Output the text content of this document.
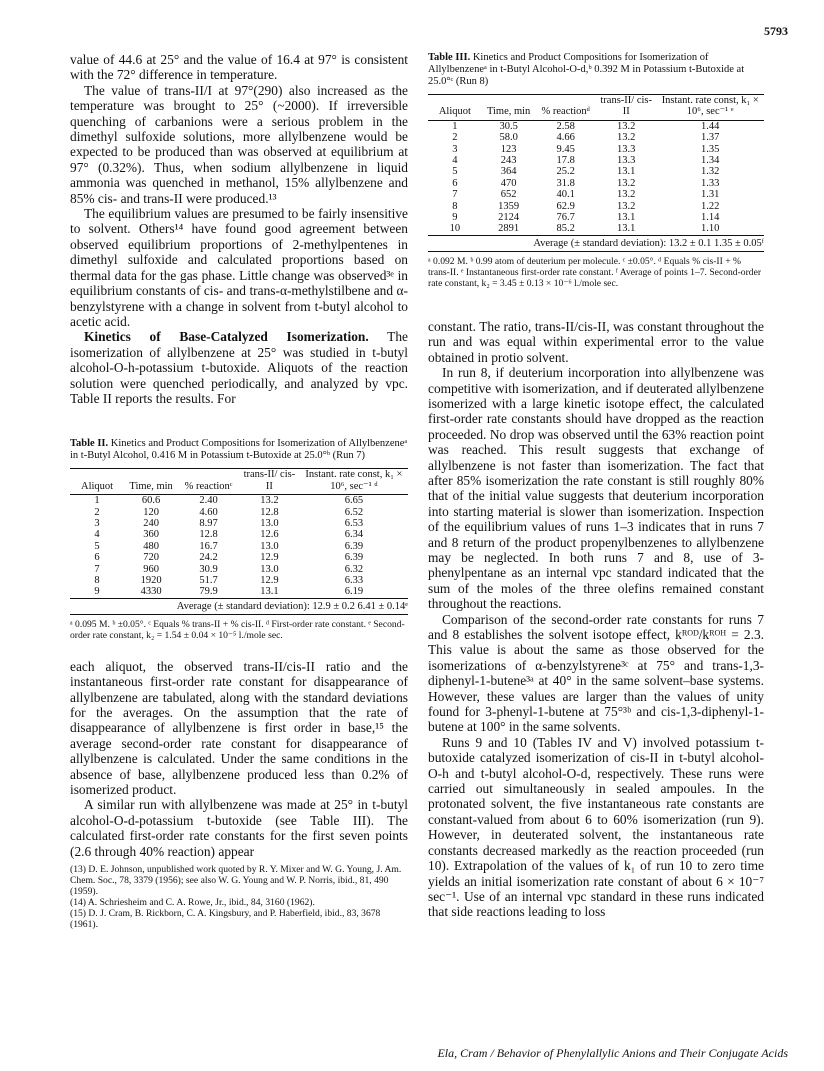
5793

value of 44.6 at 25° and the value of 16.4 at 97° is consistent with the 72° difference in temperature.

The value of trans-II/I at 97°(290) also increased as the temperature was brought to 25° (~2000). If irreversible quenching of carbanions were a serious problem in the dimethyl sulfoxide solutions, more allylbenzene would be expected to be produced than was observed at equilibrium at 97° (0.32%). Thus, when sodium allylbenzene in liquid ammonia was quenched in methanol, 15% allylbenzene and 85% cis- and trans-II were produced.¹³

The equilibrium values are presumed to be fairly insensitive to solvent. Others¹⁴ have found good agreement between observed equilibrium proportions of 2-methylpentenes in dimethyl sulfoxide and calculated proportions based on thermal data for the gas phase. Little change was observed³ᵉ in equilibrium constants of cis- and trans-α-methylstilbene and α-benzylstyrene with a change in solvent from t-butyl alcohol to acetic acid.

Kinetics of Base-Catalyzed Isomerization. The isomerization of allylbenzene at 25° was studied in t-butyl alcohol-O-h-potassium t-butoxide. Aliquots of the reaction solution were quenched periodically, and analyzed by vpc. Table II reports the results. For

Table II. Kinetics and Product Compositions for Isomerization of Allylbenzeneᵃ in t-Butyl Alcohol, 0.416 M in Potassium t-Butoxide at 25.0°ᵇ (Run 7)

Aliquot	Time, min	% reactionᶜ	trans-II/ cis-II	Instant. rate const, k₁ × 10⁶, sec⁻¹ ᵈ
1	60.6	2.40	13.2	6.65
2	120	4.60	12.8	6.52
3	240	8.97	13.0	6.53
4	360	12.8	12.6	6.34
5	480	16.7	13.0	6.39
6	720	24.2	12.9	6.39
7	960	30.9	13.0	6.32
8	1920	51.7	12.9	6.33
9	4330	79.9	13.1	6.19
Average (± standard deviation): 12.9 ± 0.2 6.41 ± 0.14ᵉ
ᵃ 0.095 M. ᵇ ±0.05°. ᶜ Equals % trans-II + % cis-II. ᵈ First-order rate constant. ᵉ Second-order rate constant, k₂ = 1.54 ± 0.04 × 10⁻⁵ l./mole sec.

each aliquot, the observed trans-II/cis-II ratio and the instantaneous first-order rate constant for disappearance of allylbenzene are tabulated, along with the standard deviations for the averages. On the assumption that the rate of disappearance of allylbenzene is first order in base,¹⁵ the average second-order rate constant for disappearance of allylbenzene is calculated. Under the same conditions in the absence of base, allylbenzene produced less than 0.2% of isomerized product.

A similar run with allylbenzene was made at 25° in t-butyl alcohol-O-d-potassium t-butoxide (see Table III). The calculated first-order rate constants for the first seven points (2.6 through 40% reaction) appear

(13) D. E. Johnson, unpublished work quoted by R. Y. Mixer and W. G. Young, J. Am. Chem. Soc., 78, 3379 (1956); see also W. G. Young and W. P. Norris, ibid., 81, 490 (1959).
(14) A. Schriesheim and C. A. Rowe, Jr., ibid., 84, 3160 (1962).
(15) D. J. Cram, B. Rickborn, C. A. Kingsbury, and P. Haberfield, ibid., 83, 3678 (1961).

Table III. Kinetics and Product Compositions for Isomerization of Allylbenzeneᵃ in t-Butyl Alcohol-O-d,ᵇ 0.392 M in Potassium t-Butoxide at 25.0°ᶜ (Run 8)

Aliquot	Time, min	% reactionᵈ	trans-II/ cis-II	Instant. rate const, k₁ × 10⁶, sec⁻¹ ᵉ
1	30.5	2.58	13.2	1.44
2	58.0	4.66	13.2	1.37
3	123	9.45	13.3	1.35
4	243	17.8	13.3	1.34
5	364	25.2	13.1	1.32
6	470	31.8	13.2	1.33
7	652	40.1	13.2	1.31
8	1359	62.9	13.2	1.22
9	2124	76.7	13.1	1.14
10	2891	85.2	13.1	1.10
Average (± standard deviation): 13.2 ± 0.1 1.35 ± 0.05ᶠ
ᵃ 0.092 M. ᵇ 0.99 atom of deuterium per molecule. ᶜ ±0.05°. ᵈ Equals % cis-II + % trans-II. ᵉ Instantaneous first-order rate constant. ᶠ Average of points 1–7. Second-order rate constant, k₂ = 3.45 ± 0.13 × 10⁻⁶ l./mole sec.

constant. The ratio, trans-II/cis-II, was constant throughout the run and was equal within experimental error to the value obtained in protio solvent.

In run 8, if deuterium incorporation into allylbenzene was competitive with isomerization, and if deuterated allylbenzene isomerized with a large kinetic isotope effect, the calculated first-order rate constants should have dropped as the reaction proceeded. No drop was observed until the 63% reaction point was reached. This result suggests that exchange of allylbenzene is not faster than isomerization. The fact that after 85% isomerization the rate constant is still roughly 80% that of the initial value suggests that deuterium incorporation into starting material is slower than isomerization. Inspection of the equilibrium values of runs 1–3 indicates that in runs 7 and 8 return of the product propenylbenzenes to allylbenzene may be neglected. In both runs 7 and 8, use of 3-phenylpentane as an internal vpc standard indicated that the sum of the moles of the three olefins remained constant throughout the reactions.

Comparison of the second-order rate constants for runs 7 and 8 establishes the solvent isotope effect, kᴿᴼᴰ/kᴿᴼᴴ = 2.3. This value is about the same as those observed for the isomerizations of α-benzylstyrene³ᶜ at 75° and trans-1,3-diphenyl-1-butene³ᵃ at 40° in the same solvent–base systems. However, these values are larger than the values of unity found for 3-phenyl-1-butene at 75°³ᵇ and cis-1,3-diphenyl-1-butene at 100° in the same solvents.

Runs 9 and 10 (Tables IV and V) involved potassium t-butoxide catalyzed isomerization of cis-II in t-butyl alcohol-O-h and t-butyl alcohol-O-d, respectively. These runs were carried out simultaneously in sealed ampoules. In the protonated solvent, the five instantaneous rate constants are constant-valued from about 6 to 60% isomerization (run 9). However, in deuterated solvent, the instantaneous rate constants decreased markedly as the reaction proceeded (run 10). Extrapolation of the values of k₁ of run 10 to zero time yields an initial isomerization rate constant of about 6 × 10⁻⁷ sec⁻¹. Use of an internal vpc standard in these runs indicated that side reactions leading to loss

Ela, Cram / Behavior of Phenylallylic Anions and Their Conjugate Acids
